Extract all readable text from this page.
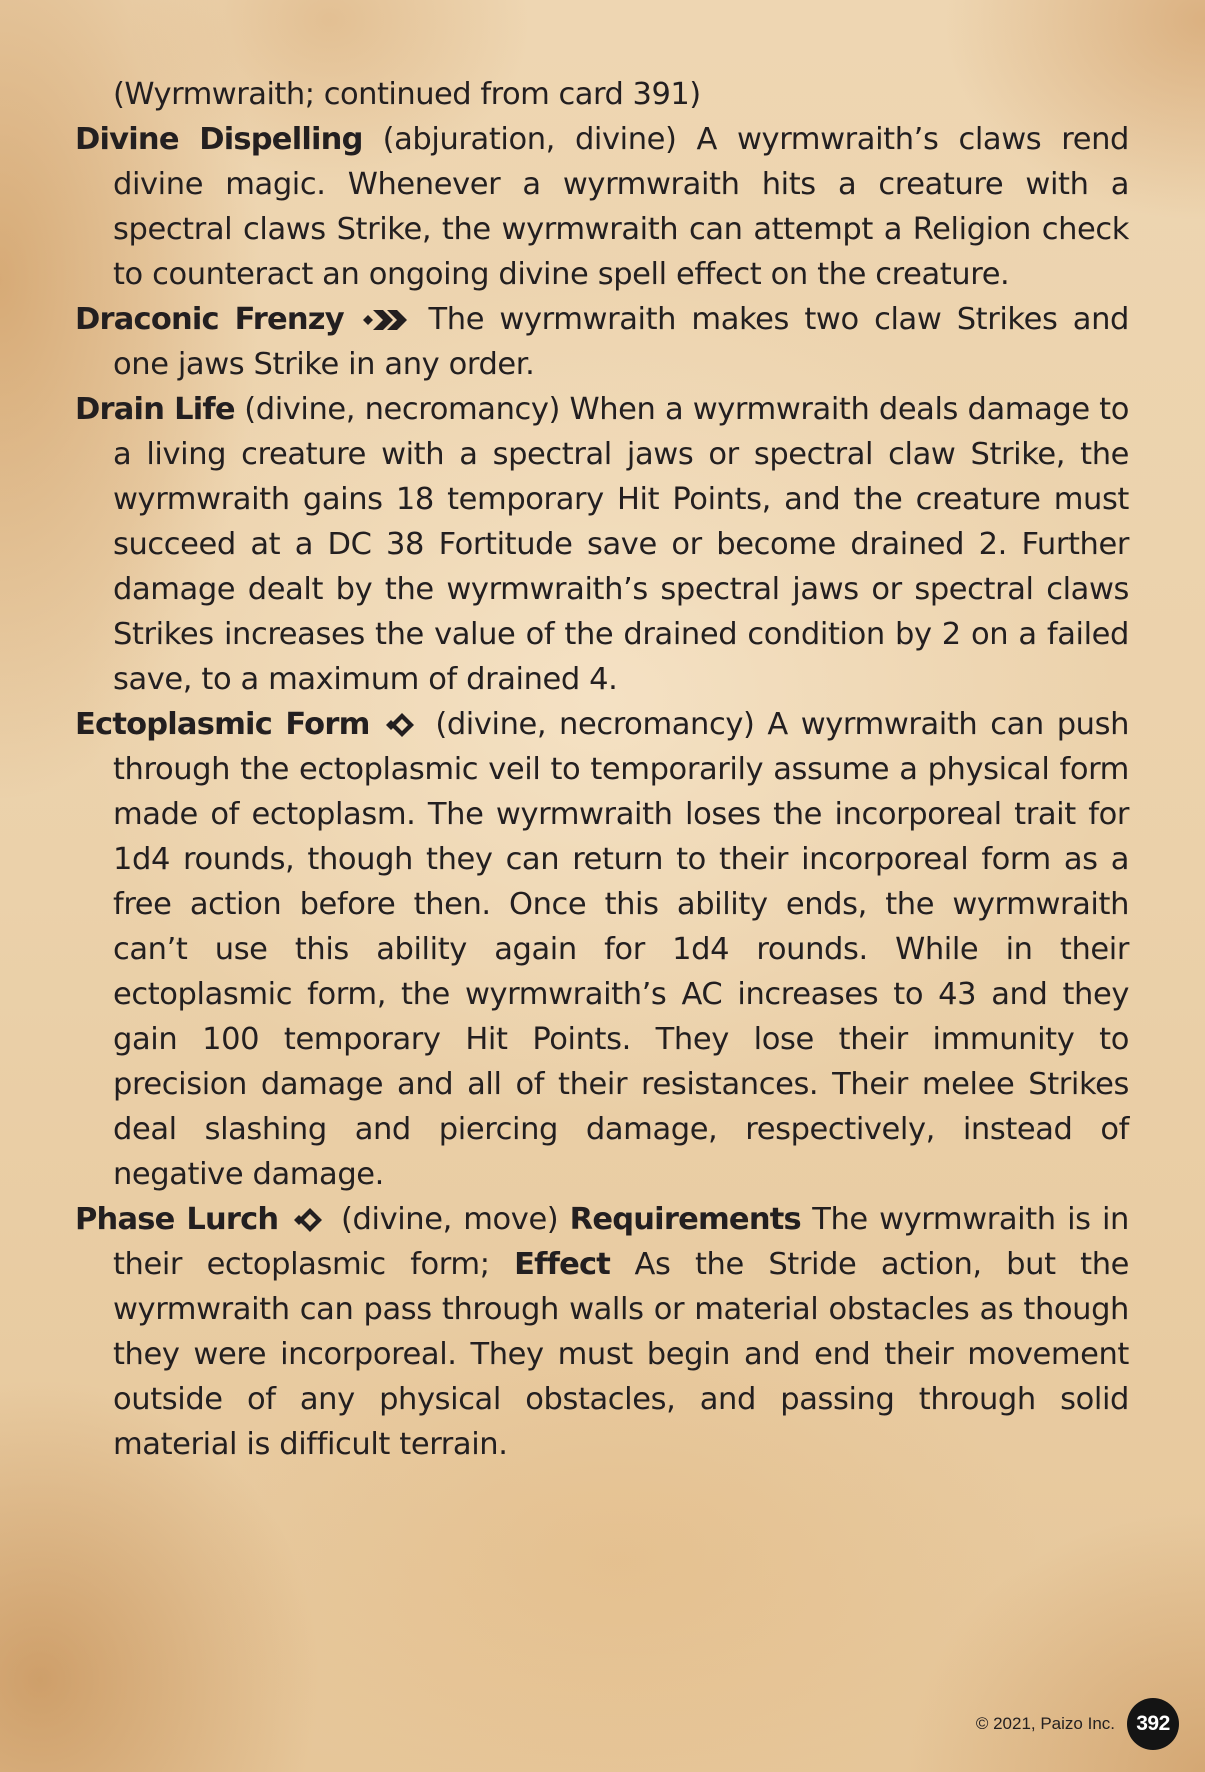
(Wyrmwraith; continued from card 391)

Divine Dispelling (abjuration, divine) A wyrmwraith’s claws rend divine magic. Whenever a wyrmwraith hits a creature with a spectral claws Strike, the wyrmwraith can attempt a Religion check to counteract an ongoing divine spell effect on the creature.

Draconic Frenzy
The wyrmwraith makes two claw Strikes and one jaws Strike in any order.

Drain Life (divine, necromancy) When a wyrmwraith deals damage to a living creature with a spectral jaws or spectral claw Strike, the wyrmwraith gains 18 temporary Hit Points, and the creature must succeed at a DC 38 Fortitude save or become drained 2. Further damage dealt by the wyrmwraith’s spectral jaws or spectral claws Strikes increases the value of the drained condition by 2 on a failed save, to a maximum of drained 4.

Ectoplasmic Form
(divine, necromancy) A wyrmwraith can push through the ectoplasmic veil to temporarily assume a physical form made of ectoplasm. The wyrmwraith loses the incorporeal trait for 1d4 rounds, though they can return to their incorporeal form as a free action before then. Once this ability ends, the wyrmwraith can’t use this ability again for 1d4 rounds. While in their ectoplasmic form, the wyrmwraith’s AC increases to 43 and they gain 100 temporary Hit Points. They lose their immunity to precision damage and all of their resistances. Their melee Strikes deal slashing and piercing damage, respectively, instead of negative damage.

Phase Lurch
(divine, move) Requirements The wyrmwraith is in their ectoplasmic form; Effect As the Stride action, but the wyrmwraith can pass through walls or material obstacles as though they were incorporeal. They must begin and end their movement outside of any physical obstacles, and passing through solid material is difficult terrain.

© 2021, Paizo Inc.	392
